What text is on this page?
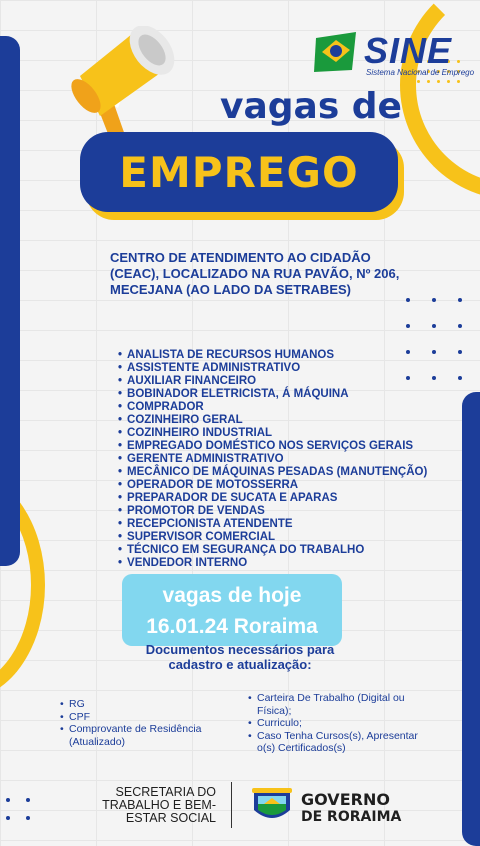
SINE
Sistema Nacional de Emprego
vagas de
EMPREGO
CENTRO DE ATENDIMENTO AO CIDADÃO (CEAC), LOCALIZADO NA RUA PAVÃO, Nº 206, MECEJANA (AO LADO DA SETRABES)
• ANALISTA DE RECURSOS HUMANOS
• ASSISTENTE ADMINISTRATIVO
• AUXILIAR FINANCEIRO
• BOBINADOR ELETRICISTA, Á MÁQUINA
• COMPRADOR
• COZINHEIRO GERAL
• COZINHEIRO INDUSTRIAL
• EMPREGADO DOMÉSTICO NOS SERVIÇOS GERAIS
• GERENTE ADMINISTRATIVO
• MECÂNICO DE MÁQUINAS PESADAS (MANUTENÇÃO)
• OPERADOR DE MOTOSSERRA
• PREPARADOR DE SUCATA E APARAS
• PROMOTOR DE VENDAS
• RECEPCIONISTA ATENDENTE
• SUPERVISOR COMERCIAL
• TÉCNICO EM SEGURANÇA DO TRABALHO
• VENDEDOR INTERNO
vagas de hoje
16.01.24 Roraima
Documentos necessários para cadastro e atualização:
• RG
• CPF
• Comprovante de Residência (Atualizado)
• Carteira De Trabalho (Digital ou Física);
• Curriculo;
• Caso Tenha Cursos(s), Apresentar o(s) Certificados(s)
SECRETARIA DO TRABALHO E BEM-ESTAR SOCIAL
GOVERNO
DE RORAIMA
